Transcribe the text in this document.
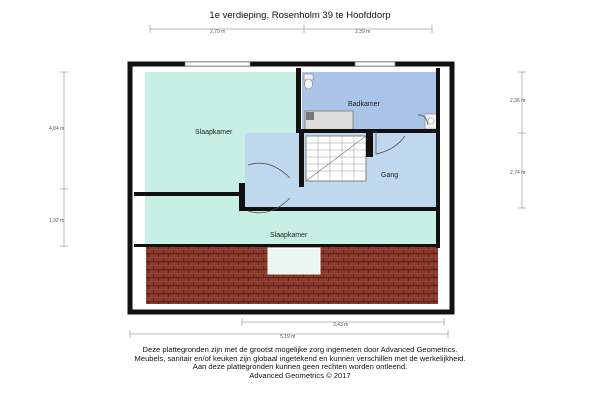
1e verdieping, Rosenholm 39 te Hoofddorp
Slaapkamer
Badkamer
Gang
Slaapkamer
2,70 m	2,39 m
4,84 m
1,92 m
2,36 m
2,74 m
3,43 m
5,19 m
Deze plattegronden zijn met de grootst mogelijke zorg ingemeten door Advanced Geometrics.
Meubels, sanitair en/of keuken zijn globaal ingetekend en kunnen verschillen met de werkelijkheid.
Aan deze plattegronden kunnen geen rechten worden ontleend.
Advanced Geometrics © 2017
